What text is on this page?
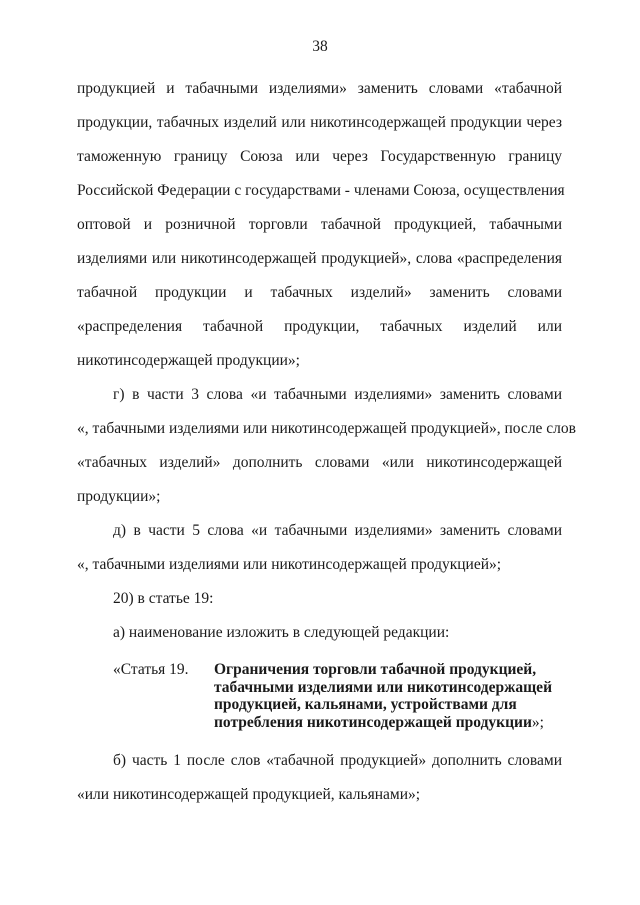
38
продукцией и табачными изделиями» заменить словами «табачной
продукции, табачных изделий или никотинсодержащей продукции через
таможенную границу Союза или через Государственную границу
Российской Федерации с государствами - членами Союза, осуществления
оптовой и розничной торговли табачной продукцией, табачными
изделиями или никотинсодержащей продукцией», слова «распределения
табачной продукции и табачных изделий» заменить словами
«распределения табачной продукции, табачных изделий или
никотинсодержащей продукции»;
г) в части 3 слова «и табачными изделиями» заменить словами
«, табачными изделиями или никотинсодержащей продукцией», после слов
«табачных изделий» дополнить словами «или никотинсодержащей
продукции»;
д) в части 5 слова «и табачными изделиями» заменить словами
«, табачными изделиями или никотинсодержащей продукцией»;
20) в статье 19:
а) наименование изложить в следующей редакции:
«Статья 19. Ограничения торговли табачной продукцией,
табачными изделиями или никотинсодержащей
продукцией, кальянами, устройствами для
потребления никотинсодержащей продукции»;
б) часть 1 после слов «табачной продукцией» дополнить словами
«или никотинсодержащей продукцией, кальянами»;
